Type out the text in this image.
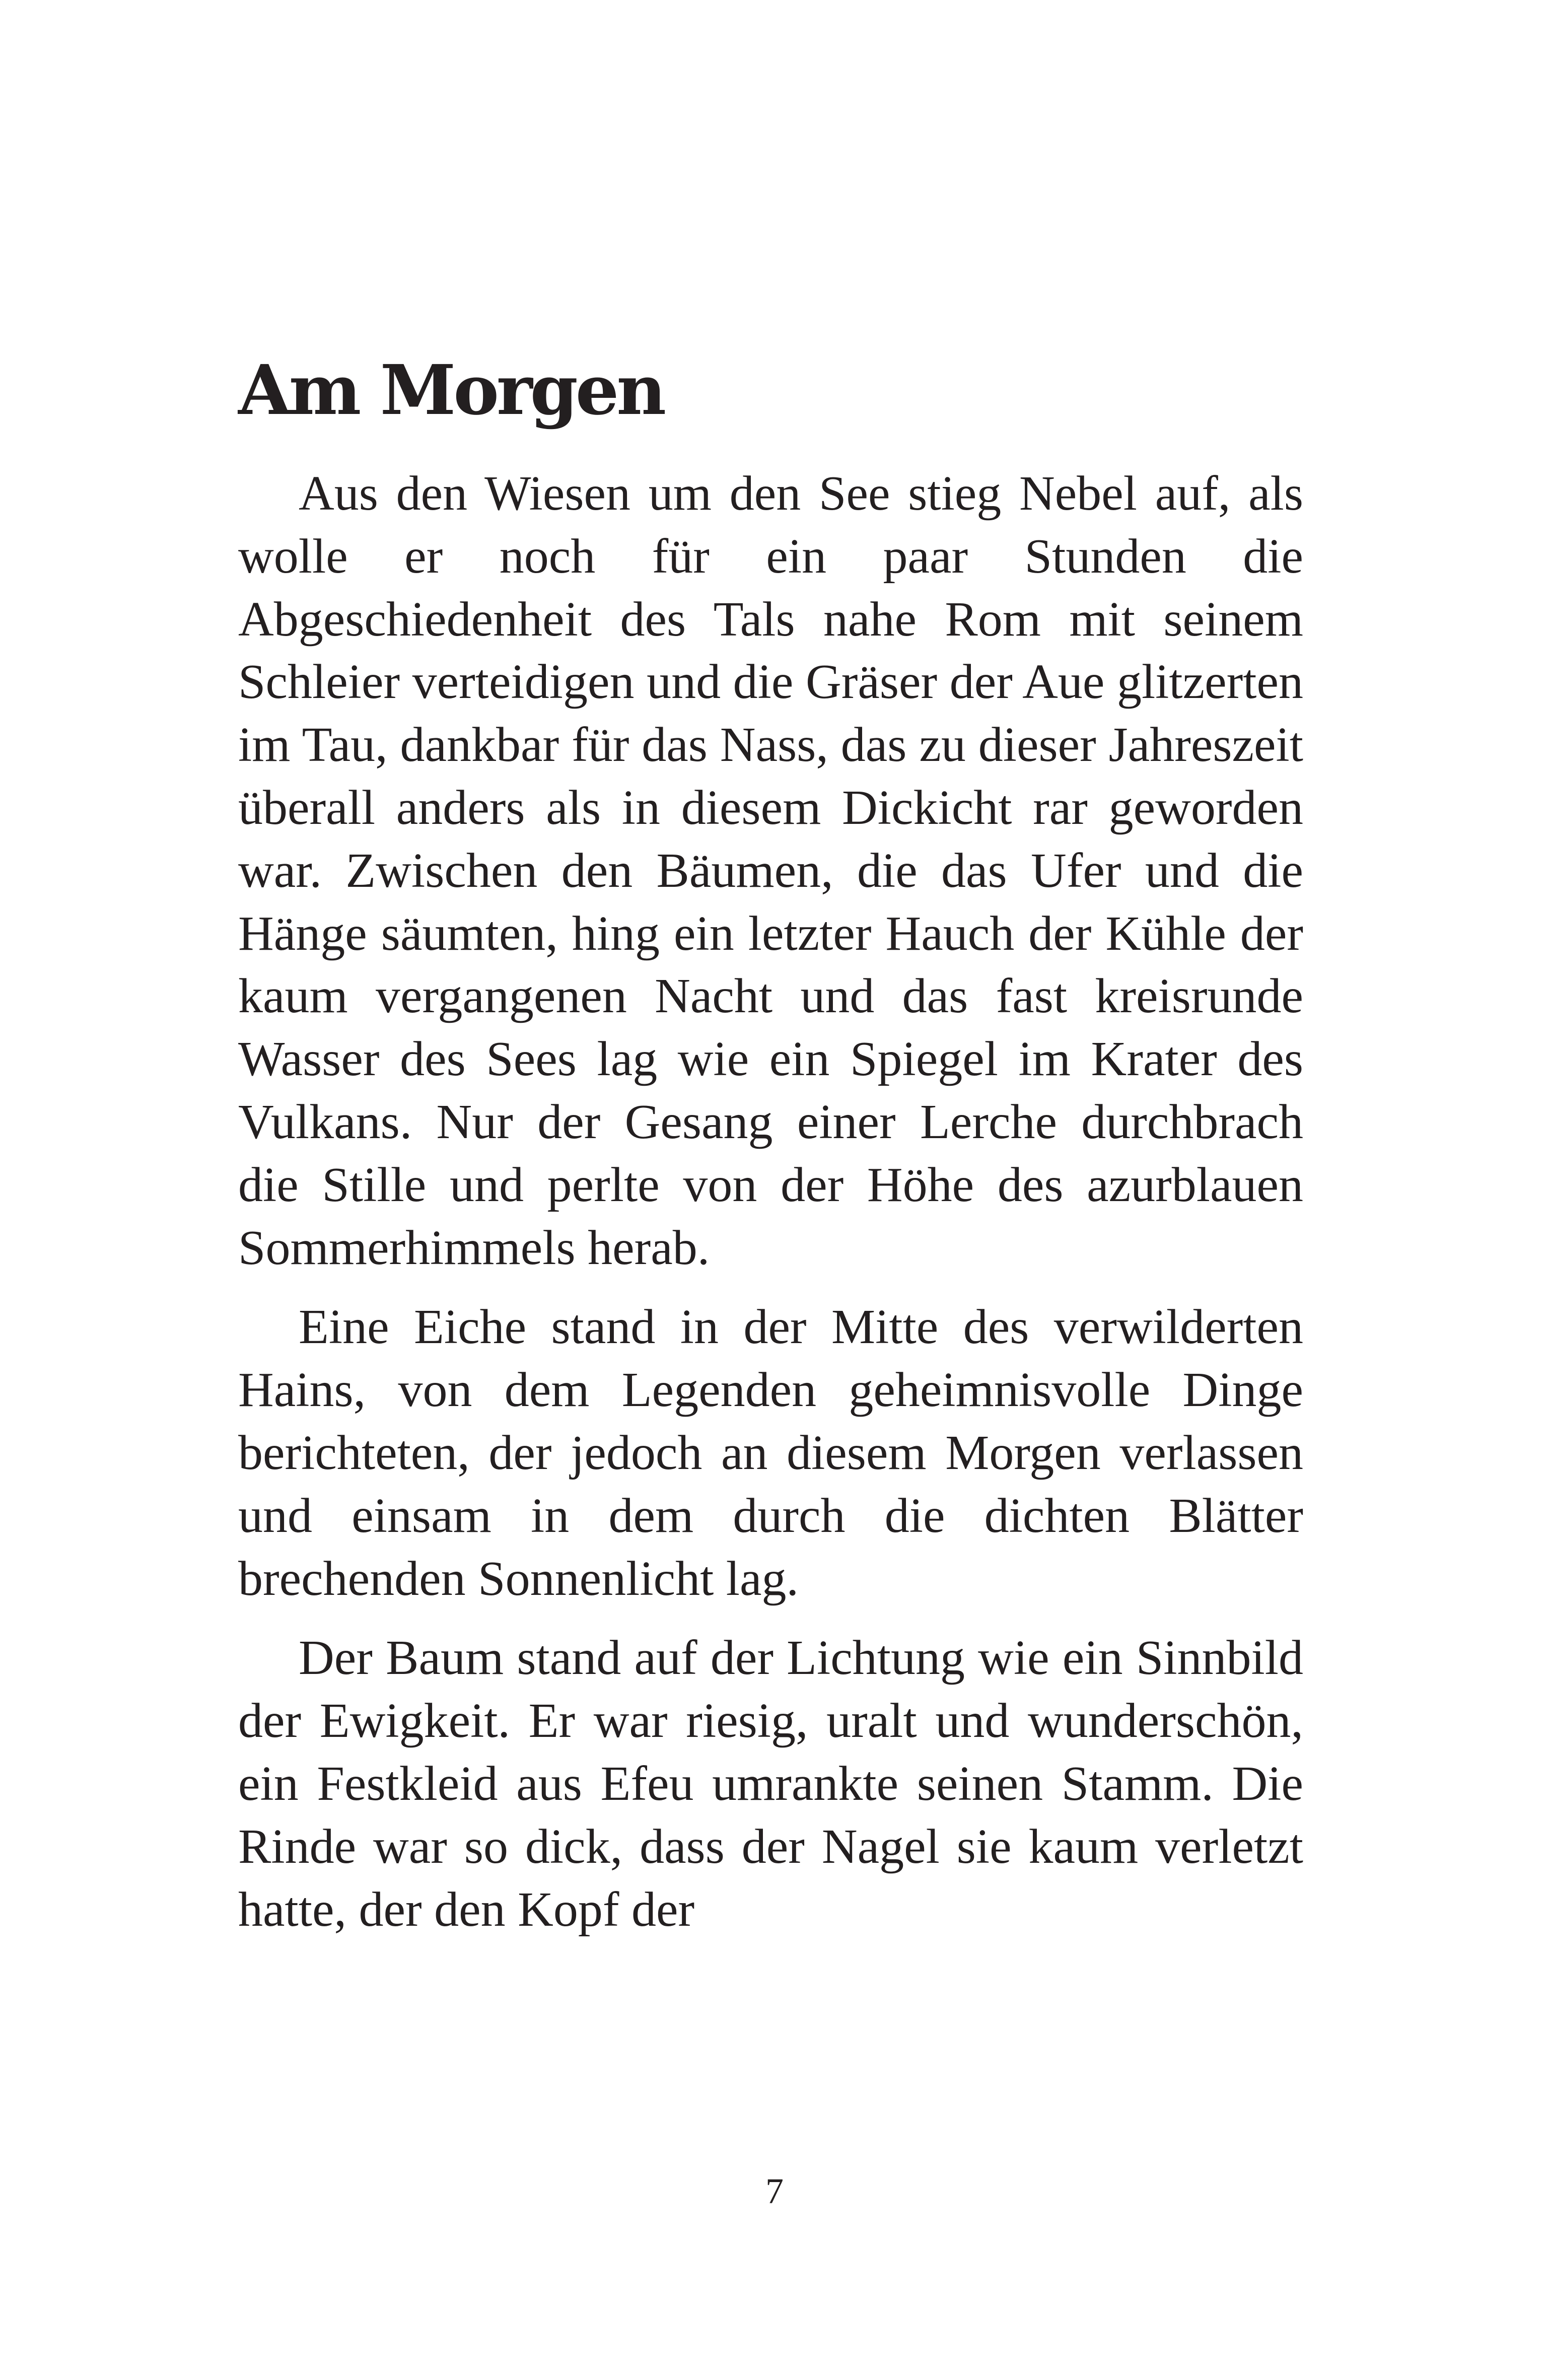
Am Morgen

Aus den Wiesen um den See stieg Nebel auf, als wolle er noch für ein paar Stunden die Abgeschiedenheit des Tals nahe Rom mit seinem Schleier verteidigen und die Gräser der Aue glitzerten im Tau, dankbar für das Nass, das zu dieser Jahreszeit überall anders als in diesem Dickicht rar geworden war. Zwischen den Bäumen, die das Ufer und die Hänge säumten, hing ein letzter Hauch der Kühle der kaum vergangenen Nacht und das fast kreisrunde Wasser des Sees lag wie ein Spiegel im Krater des Vulkans. Nur der Gesang einer Lerche durchbrach die Stille und perlte von der Höhe des azurblauen Sommerhimmels herab.

Eine Eiche stand in der Mitte des verwilderten Hains, von dem Legenden geheimnisvolle Dinge berichteten, der jedoch an diesem Morgen verlassen und einsam in dem durch die dichten Blätter brechenden Sonnenlicht lag.

Der Baum stand auf der Lichtung wie ein Sinnbild der Ewigkeit. Er war riesig, uralt und wunderschön, ein Festkleid aus Efeu umrankte seinen Stamm. Die Rinde war so dick, dass der Nagel sie kaum verletzt hatte, der den Kopf der

7
